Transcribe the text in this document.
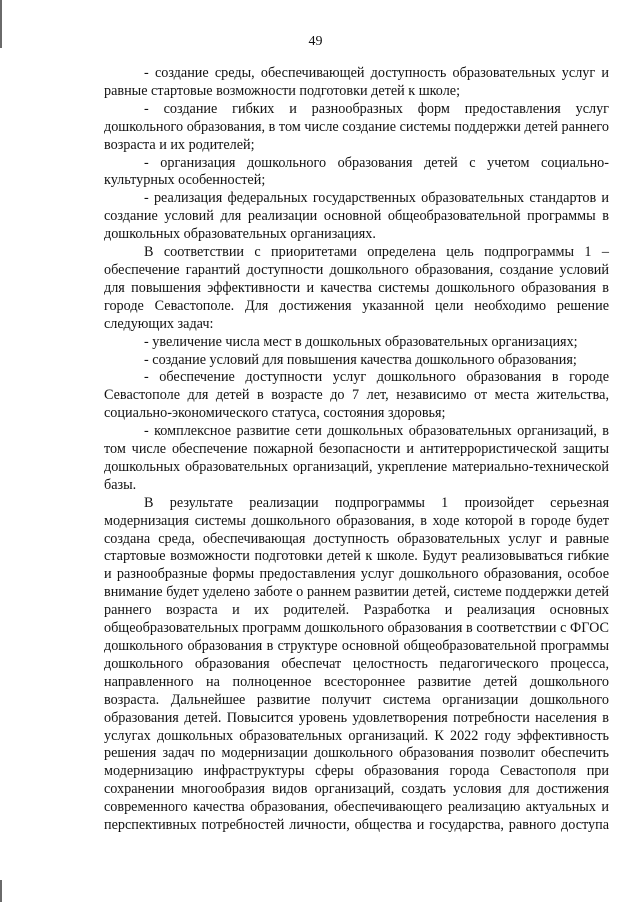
49

- создание среды, обеспечивающей доступность образовательных услуг и равные стартовые возможности подготовки детей к школе;

- создание гибких и разнообразных форм предоставления услуг дошкольного образования, в том числе создание системы поддержки детей раннего возраста и их родителей;

- организация дошкольного образования детей с учетом социально-культурных особенностей;

- реализация федеральных государственных образовательных стандартов и создание условий для реализации основной общеобразовательной программы в дошкольных образовательных организациях.

В соответствии с приоритетами определена цель подпрограммы 1 – обеспечение гарантий доступности дошкольного образования, создание условий для повышения эффективности и качества системы дошкольного образования в городе Севастополе. Для достижения указанной цели необходимо решение следующих задач:

- увеличение числа мест в дошкольных образовательных организациях;

- создание условий для повышения качества дошкольного образования;

- обеспечение доступности услуг дошкольного образования в городе Севастополе для детей в возрасте до 7 лет, независимо от места жительства, социально-экономического статуса, состояния здоровья;

- комплексное развитие сети дошкольных образовательных организаций, в том числе обеспечение пожарной безопасности и антитеррористической защиты дошкольных образовательных организаций, укрепление материально-технической базы.

В результате реализации подпрограммы 1 произойдет серьезная модернизация системы дошкольного образования, в ходе которой в городе будет создана среда, обеспечивающая доступность образовательных услуг и равные стартовые возможности подготовки детей к школе. Будут реализовываться гибкие и разнообразные формы предоставления услуг дошкольного образования, особое внимание будет уделено заботе о раннем развитии детей, системе поддержки детей раннего возраста и их родителей. Разработка и реализация основных общеобразовательных программ дошкольного образования в соответствии с ФГОС дошкольного образования в структуре основной общеобразовательной программы дошкольного образования обеспечат целостность педагогического процесса, направленного на полноценное всестороннее развитие детей дошкольного возраста. Дальнейшее развитие получит система организации дошкольного образования детей. Повысится уровень удовлетворения потребности населения в услугах дошкольных образовательных организаций. К 2022 году эффективность решения задач по модернизации дошкольного образования позволит обеспечить модернизацию инфраструктуры сферы образования города Севастополя при сохранении многообразия видов организаций, создать условия для достижения современного качества образования, обеспечивающего реализацию актуальных и перспективных потребностей личности, общества и государства, равного доступа
